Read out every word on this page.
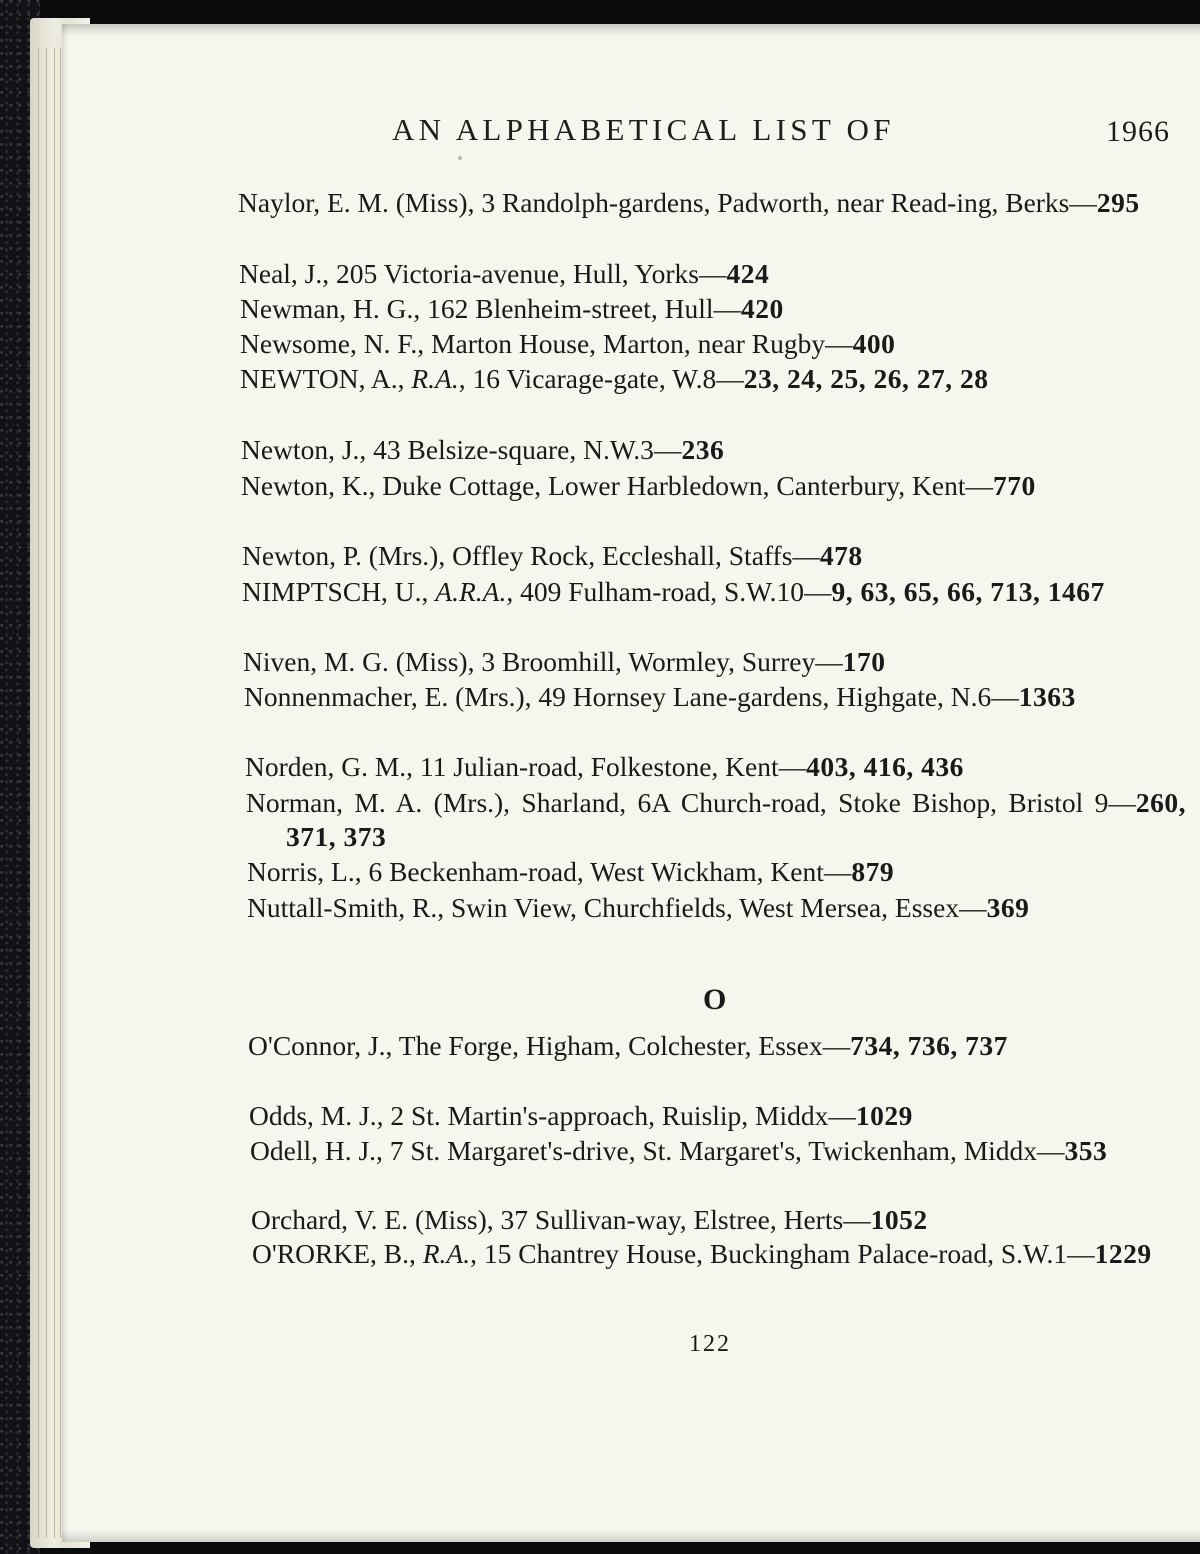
AN ALPHABETICAL LIST OF	1966
Naylor, E. M. (Miss), 3 Randolph-gardens, Padworth, near Read-ing, Berks—295
Neal, J., 205 Victoria-avenue, Hull, Yorks—424
Newman, H. G., 162 Blenheim-street, Hull—420
Newsome, N. F., Marton House, Marton, near Rugby—400
NEWTON, A., R.A., 16 Vicarage-gate, W.8—23, 24, 25, 26, 27, 28
Newton, J., 43 Belsize-square, N.W.3—236
Newton, K., Duke Cottage, Lower Harbledown, Canterbury, Kent—770
Newton, P. (Mrs.), Offley Rock, Eccleshall, Staffs—478
NIMPTSCH, U., A.R.A., 409 Fulham-road, S.W.10—9, 63, 65, 66, 713, 1467
Niven, M. G. (Miss), 3 Broomhill, Wormley, Surrey—170
Nonnenmacher, E. (Mrs.), 49 Hornsey Lane-gardens, Highgate, N.6—1363
Norden, G. M., 11 Julian-road, Folkestone, Kent—403, 416, 436
Norman, M. A. (Mrs.), Sharland, 6A Church-road, Stoke Bishop, Bristol 9—260, 371, 373
Norris, L., 6 Beckenham-road, West Wickham, Kent—879
Nuttall-Smith, R., Swin View, Churchfields, West Mersea, Essex—369
O
O'Connor, J., The Forge, Higham, Colchester, Essex—734, 736, 737
Odds, M. J., 2 St. Martin's-approach, Ruislip, Middx—1029
Odell, H. J., 7 St. Margaret's-drive, St. Margaret's, Twickenham, Middx—353
Orchard, V. E. (Miss), 37 Sullivan-way, Elstree, Herts—1052
O'RORKE, B., R.A., 15 Chantrey House, Buckingham Palace-road, S.W.1—1229
122
